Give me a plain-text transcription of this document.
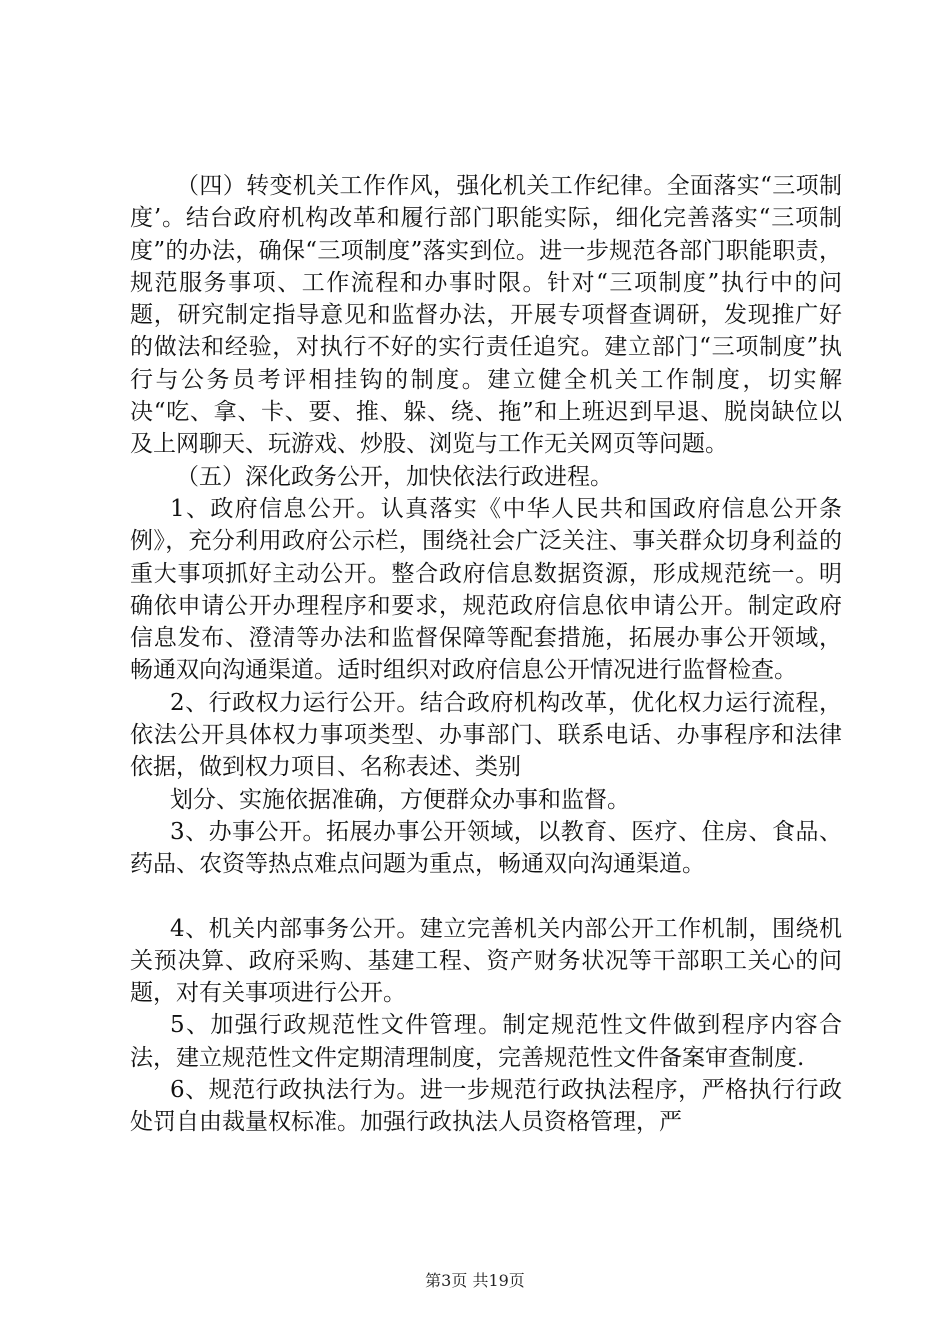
（四）转变机关工作作风，强化机关工作纪律。全面落实“三项制度’。结台政府机构改革和履行部门职能实际，细化完善落实“三项制度”的办法，确保“三项制度”落实到位。进一步规范各部门职能职责，规范服务事项、工作流程和办事时限。针对“三项制度”执行中的问题，研究制定指导意见和监督办法，开展专项督查调研，发现推广好的做法和经验，对执行不好的实行责任追究。建立部门“三项制度”执行与公务员考评相挂钩的制度。建立健全机关工作制度，切实解决“吃、拿、卡、要、推、躲、绕、拖”和上班迟到早退、脱岗缺位以及上网聊天、玩游戏、炒股、浏览与工作无关网页等问题。

（五）深化政务公开，加快依法行政进程。

1、政府信息公开。认真落实《中华人民共和国政府信息公开条例》，充分利用政府公示栏，围绕社会广泛关注、事关群众切身利益的重大事项抓好主动公开。整合政府信息数据资源，形成规范统一。明确依申请公开办理程序和要求，规范政府信息依申请公开。制定政府信息发布、澄清等办法和监督保障等配套措施，拓展办事公开领域，畅通双向沟通渠道。适时组织对政府信息公开情况进行监督检查。

2、行政权力运行公开。结合政府机构改革，优化权力运行流程，依法公开具体权力事项类型、办事部门、联系电话、办事程序和法律依据，做到权力项目、名称表述、类别

划分、实施依据准确，方便群众办事和监督。

3、办事公开。拓展办事公开领域，以教育、医疗、住房、食品、药品、农资等热点难点问题为重点，畅通双向沟通渠道。

4、机关内部事务公开。建立完善机关内部公开工作机制，围绕机关预决算、政府采购、基建工程、资产财务状况等干部职工关心的问题，对有关事项进行公开。

5、加强行政规范性文件管理。制定规范性文件做到程序内容合法，建立规范性文件定期清理制度，完善规范性文件备案审查制度.

6、规范行政执法行为。进一步规范行政执法程序，严格执行行政处罚自由裁量权标准。加强行政执法人员资格管理，严

第3页 共19页
